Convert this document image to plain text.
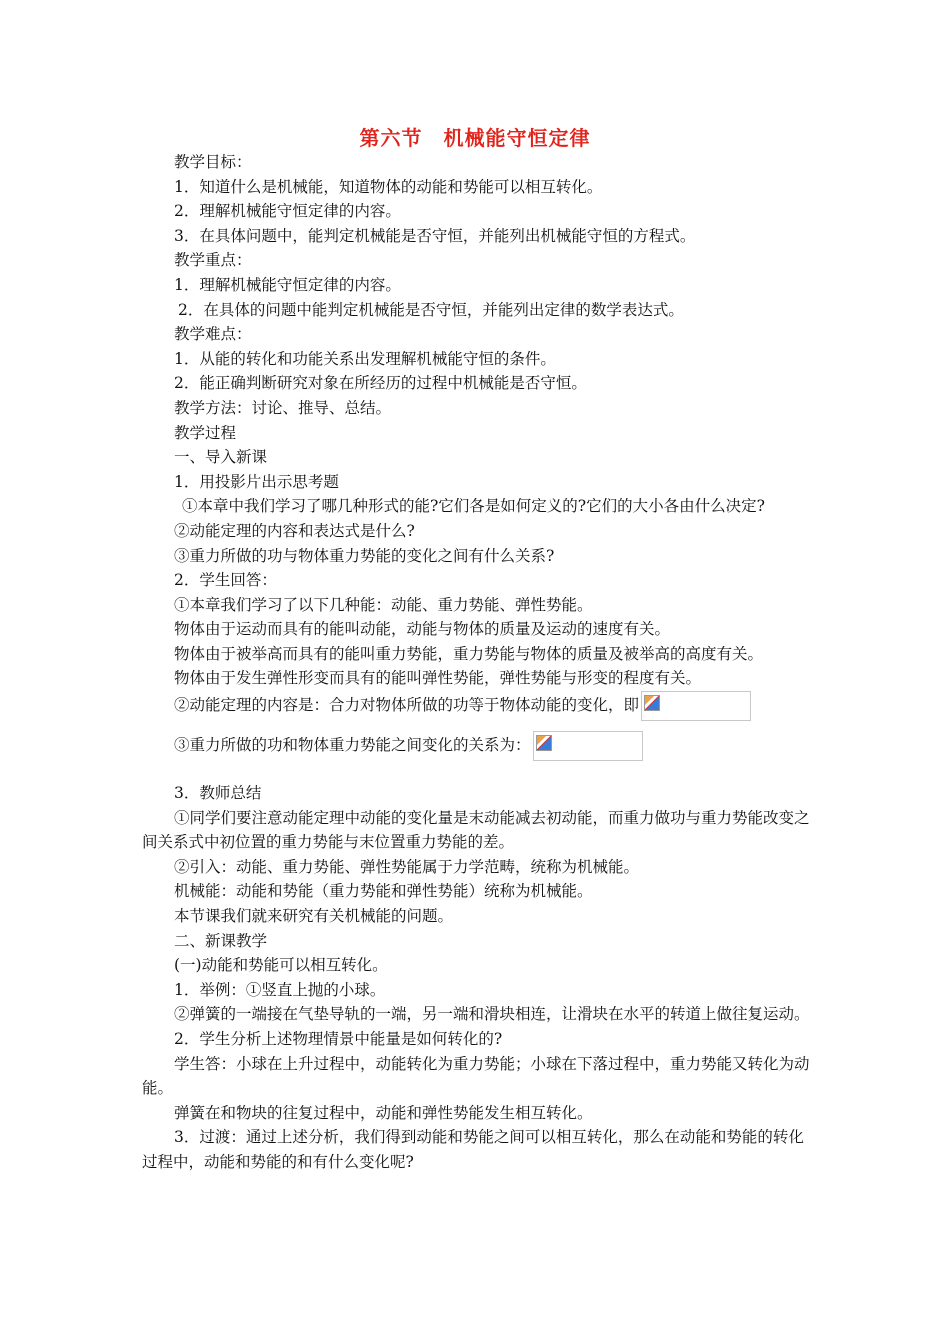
第六节　机械能守恒定律

教学目标：

1．知道什么是机械能，知道物体的动能和势能可以相互转化。

2．理解机械能守恒定律的内容。

3．在具体问题中，能判定机械能是否守恒，并能列出机械能守恒的方程式。

教学重点：

1．理解机械能守恒定律的内容。

2．在具体的问题中能判定机械能是否守恒，并能列出定律的数学表达式。

教学难点：

1．从能的转化和功能关系出发理解机械能守恒的条件。

2．能正确判断研究对象在所经历的过程中机械能是否守恒。

教学方法：讨论、推导、总结。

教学过程

一、导入新课

1．用投影片出示思考题

①本章中我们学习了哪几种形式的能?它们各是如何定义的?它们的大小各由什么决定?

②动能定理的内容和表达式是什么?

③重力所做的功与物体重力势能的变化之间有什么关系?

2．学生回答：

①本章我们学习了以下几种能：动能、重力势能、弹性势能。

物体由于运动而具有的能叫动能，动能与物体的质量及运动的速度有关。

物体由于被举高而具有的能叫重力势能，重力势能与物体的质量及被举高的高度有关。

物体由于发生弹性形变而具有的能叫弹性势能，弹性势能与形变的程度有关。

②动能定理的内容是：合力对物体所做的功等于物体动能的变化，即

③重力所做的功和物体重力势能之间变化的关系为：

3．教师总结

①同学们要注意动能定理中动能的变化量是末动能减去初动能，而重力做功与重力势能改变之间关系式中初位置的重力势能与末位置重力势能的差。

②引入：动能、重力势能、弹性势能属于力学范畴，统称为机械能。

机械能：动能和势能（重力势能和弹性势能）统称为机械能。

本节课我们就来研究有关机械能的问题。

二、新课教学

(一)动能和势能可以相互转化。

1．举例：①竖直上抛的小球。

②弹簧的一端接在气垫导轨的一端，另一端和滑块相连，让滑块在水平的转道上做往复运动。

2．学生分析上述物理情景中能量是如何转化的?

学生答：小球在上升过程中，动能转化为重力势能；小球在下落过程中，重力势能又转化为动能。

弹簧在和物块的往复过程中，动能和弹性势能发生相互转化。

3．过渡：通过上述分析，我们得到动能和势能之间可以相互转化，那么在动能和势能的转化过程中，动能和势能的和有什么变化呢?
